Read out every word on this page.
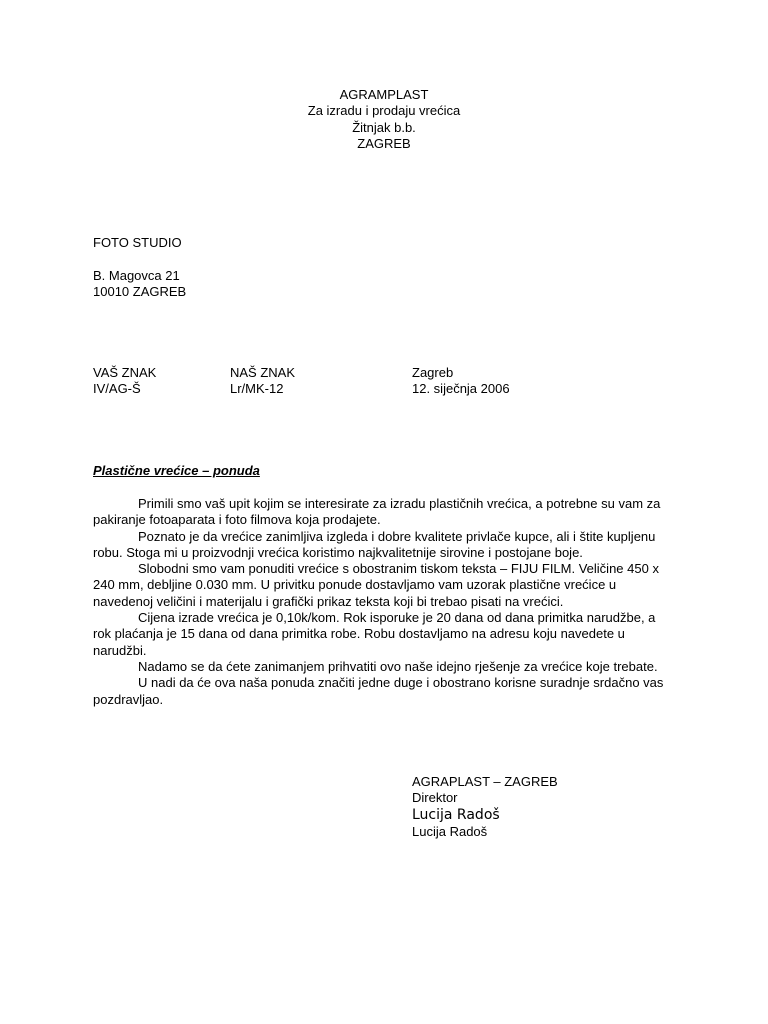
AGRAMPLAST
Za izradu i prodaju vrećica
Žitnjak b.b.
ZAGREB
FOTO STUDIO
B. Magovca 21
10010 ZAGREB
VAŠ ZNAK
IV/AG-Š
NAŠ ZNAK
Lr/MK-12
Zagreb
12. siječnja 2006
Plastične vrećice – ponuda

Primili smo vaš upit kojim se interesirate za izradu plastičnih vrećica, a potrebne su vam za pakiranje fotoaparata i foto filmova koja prodajete.

Poznato je da vrećice zanimljiva izgleda i dobre kvalitete privlače kupce, ali i štite kupljenu robu. Stoga mi u proizvodnji vrećica koristimo najkvalitetnije sirovine i postojane boje.

Slobodni smo vam ponuditi vrećice s obostranim tiskom teksta – FIJU FILM. Veličine 450 x 240 mm, debljine 0.030 mm. U privitku ponude dostavljamo vam uzorak plastične vrećice u navedenoj veličini i materijalu i grafički prikaz teksta koji bi trebao pisati na vrećici.

Cijena izrade vrećica je 0,10k/kom. Rok isporuke je 20 dana od dana primitka narudžbe, a rok plaćanja je 15 dana od dana primitka robe. Robu dostavljamo na adresu koju navedete u narudžbi.

Nadamo se da ćete zanimanjem prihvatiti ovo naše idejno rješenje za vrećice koje trebate.

U nadi da će ova naša ponuda značiti jedne duge i obostrano korisne suradnje srdačno vas pozdravljao.

AGRAPLAST – ZAGREB
Direktor
Lucija Radoš
Lucija Radoš
